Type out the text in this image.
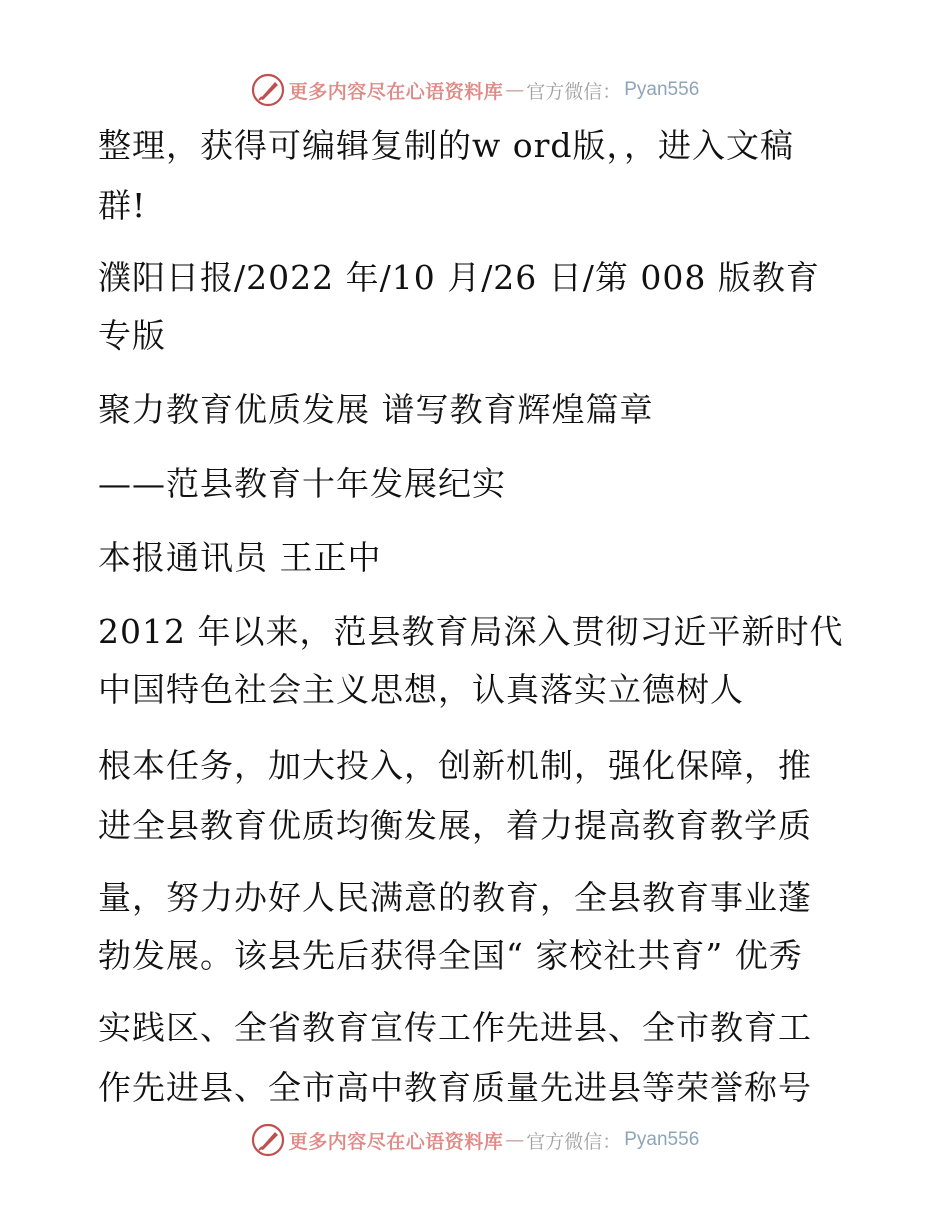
更多内容尽在心语资料库 — 官方微信： Pyan556
整理，获得可编辑复制的w ord版，，进入文稿
群!
濮阳日报/2022 年/10 月/26 日/第 008 版教育
专版
聚力教育优质发展 谱写教育辉煌篇章
——范县教育十年发展纪实
本报通讯员 王正中
2012 年以来，范县教育局深入贯彻习近平新时代
中国特色社会主义思想，认真落实立德树人
根本任务，加大投入，创新机制，强化保障，推
进全县教育优质均衡发展，着力提高教育教学质
量，努力办好人民满意的教育，全县教育事业蓬
勃发展。该县先后获得全国“ 家校社共育” 优秀
实践区、全省教育宣传工作先进县、全市教育工
作先进县、全市高中教育质量先进县等荣誉称号
更多内容尽在心语资料库 — 官方微信： Pyan556
